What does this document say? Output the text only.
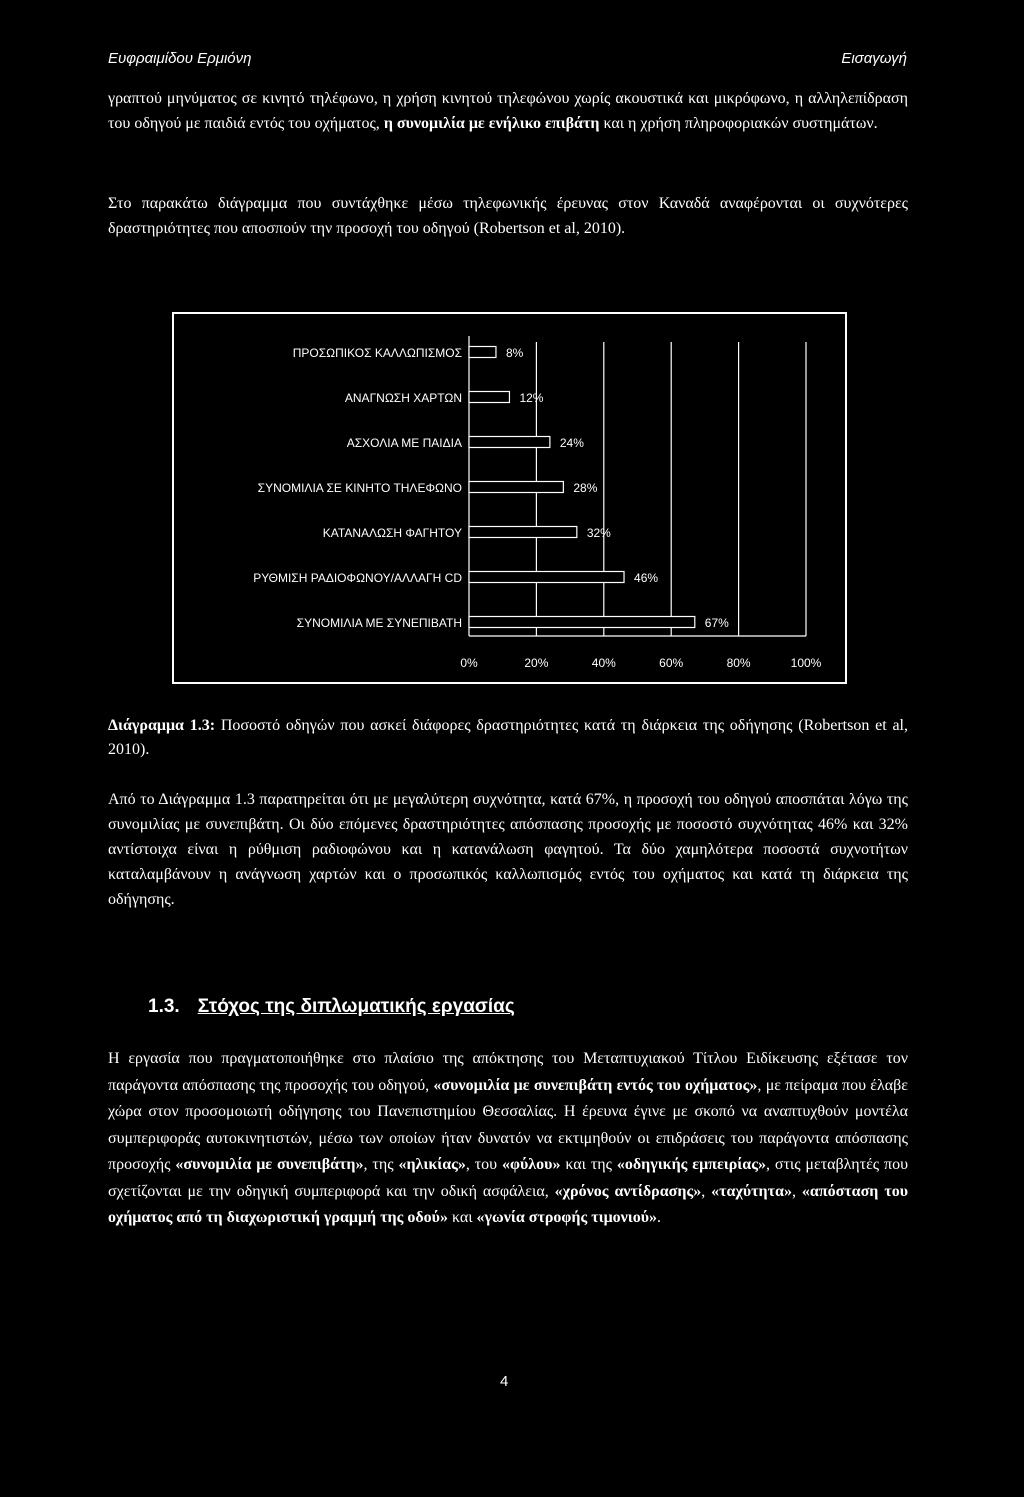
Ευφραιμίδου Ερμιόνη	Εισαγωγή

γραπτού μηνύματος σε κινητό τηλέφωνο, η χρήση κινητού τηλεφώνου χωρίς ακουστικά και μικρόφωνο, η αλληλεπίδραση του οδηγού με παιδιά εντός του οχήματος, η συνομιλία με ενήλικο επιβάτη και η χρήση πληροφοριακών συστημάτων.

Στο παρακάτω διάγραμμα που συντάχθηκε μέσω τηλεφωνικής έρευνας στον Καναδά αναφέρονται οι συχνότερες δραστηριότητες που αποσπούν την προσοχή του οδηγού (Robertson et al, 2010).

ΠΡΟΣΩΠΙΚΟΣ ΚΑΛΛΩΠΙΣΜΟΣ	8%
ΑΝΑΓΝΩΣΗ ΧΑΡΤΩΝ	12%
ΑΣΧΟΛΙΑ ΜΕ ΠΑΙΔΙΑ	24%
ΣΥΝΟΜΙΛΙΑ ΣΕ ΚΙΝΗΤΟ ΤΗΛΕΦΩΝΟ	28%
ΚΑΤΑΝΑΛΩΣΗ ΦΑΓΗΤΟΥ	32%
ΡΥΘΜΙΣΗ ΡΑΔΙΟΦΩΝΟΥ/ΑΛΛΑΓΗ CD	46%
ΣΥΝΟΜΙΛΙΑ ΜΕ ΣΥΝΕΠΙΒΑΤΗ	67%
0%	20%	40%	60%	80%	100%

Διάγραμμα 1.3: Ποσοστό οδηγών που ασκεί διάφορες δραστηριότητες κατά τη διάρκεια της οδήγησης (Robertson et al, 2010).

Από το Διάγραμμα 1.3 παρατηρείται ότι με μεγαλύτερη συχνότητα, κατά 67%, η προσοχή του οδηγού αποσπάται λόγω της συνομιλίας με συνεπιβάτη. Οι δύο επόμενες δραστηριότητες απόσπασης προσοχής με ποσοστό συχνότητας 46% και 32% αντίστοιχα είναι η ρύθμιση ραδιοφώνου και η κατανάλωση φαγητού. Τα δύο χαμηλότερα ποσοστά συχνοτήτων καταλαμβάνουν η ανάγνωση χαρτών και ο προσωπικός καλλωπισμός εντός του οχήματος και κατά τη διάρκεια της οδήγησης.

1.3. Στόχος της διπλωματικής εργασίας

Η εργασία που πραγματοποιήθηκε στο πλαίσιο της απόκτησης του Μεταπτυχιακού Τίτλου Ειδίκευσης εξέτασε τον παράγοντα απόσπασης της προσοχής του οδηγού, «συνομιλία με συνεπιβάτη εντός του οχήματος», με πείραμα που έλαβε χώρα στον προσομοιωτή οδήγησης του Πανεπιστημίου Θεσσαλίας. Η έρευνα έγινε με σκοπό να αναπτυχθούν μοντέλα συμπεριφοράς αυτοκινητιστών, μέσω των οποίων ήταν δυνατόν να εκτιμηθούν οι επιδράσεις του παράγοντα απόσπασης προσοχής «συνομιλία με συνεπιβάτη», της «ηλικίας», του «φύλου» και της «οδηγικής εμπειρίας», στις μεταβλητές που σχετίζονται με την οδηγική συμπεριφορά και την οδική ασφάλεια, «χρόνος αντίδρασης», «ταχύτητα», «απόσταση του οχήματος από τη διαχωριστική γραμμή της οδού» και «γωνία στροφής τιμονιού».

4
